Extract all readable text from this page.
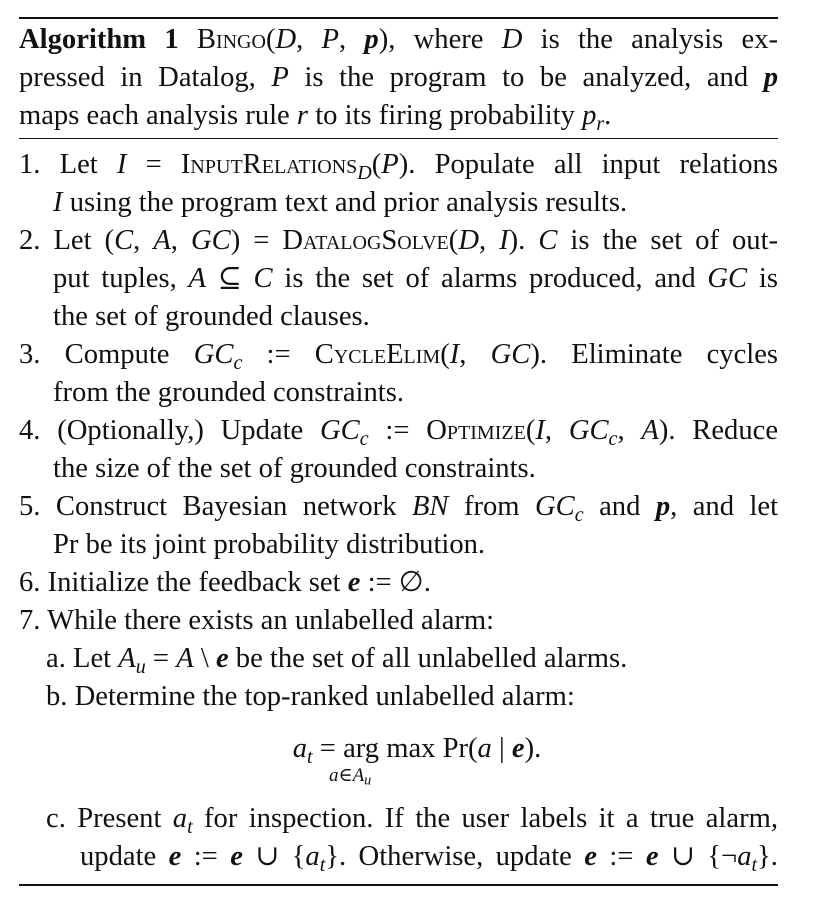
Algorithm 1 Bingo(D, P, p), where D is the analysis ex-
pressed in Datalog, P is the program to be analyzed, and p
maps each analysis rule r to its firing probability $p_r$.
1. Let I = InputRelations$_D$(P). Populate all input relations
I using the program text and prior analysis results.
2. Let (C, A, GC) = DatalogSolve(D, I). C is the set of out-
put tuples, A ⊆ C is the set of alarms produced, and GC is
the set of grounded clauses.
3. Compute $GC_c$ := CycleElim(I, GC). Eliminate cycles
from the grounded constraints.
4. (Optionally,) Update $GC_c$ := Optimize(I, $GC_c$, A). Reduce
the size of the set of grounded constraints.
5. Construct Bayesian network BN from $GC_c$ and p, and let
Pr be its joint probability distribution.
6. Initialize the feedback set e := ∅.
7. While there exists an unlabelled alarm:
a. Let $A_u = A$ \ e be the set of all unlabelled alarms.
b. Determine the top-ranked unlabelled alarm:
$a_t$ = arg max Pr(a | e).
$a\in A_u$
c. Present $a_t$ for inspection. If the user labels it a true alarm,
update e := e ∪ $\{a_t\}$. Otherwise, update e := e ∪ $\{\neg a_t\}$.
